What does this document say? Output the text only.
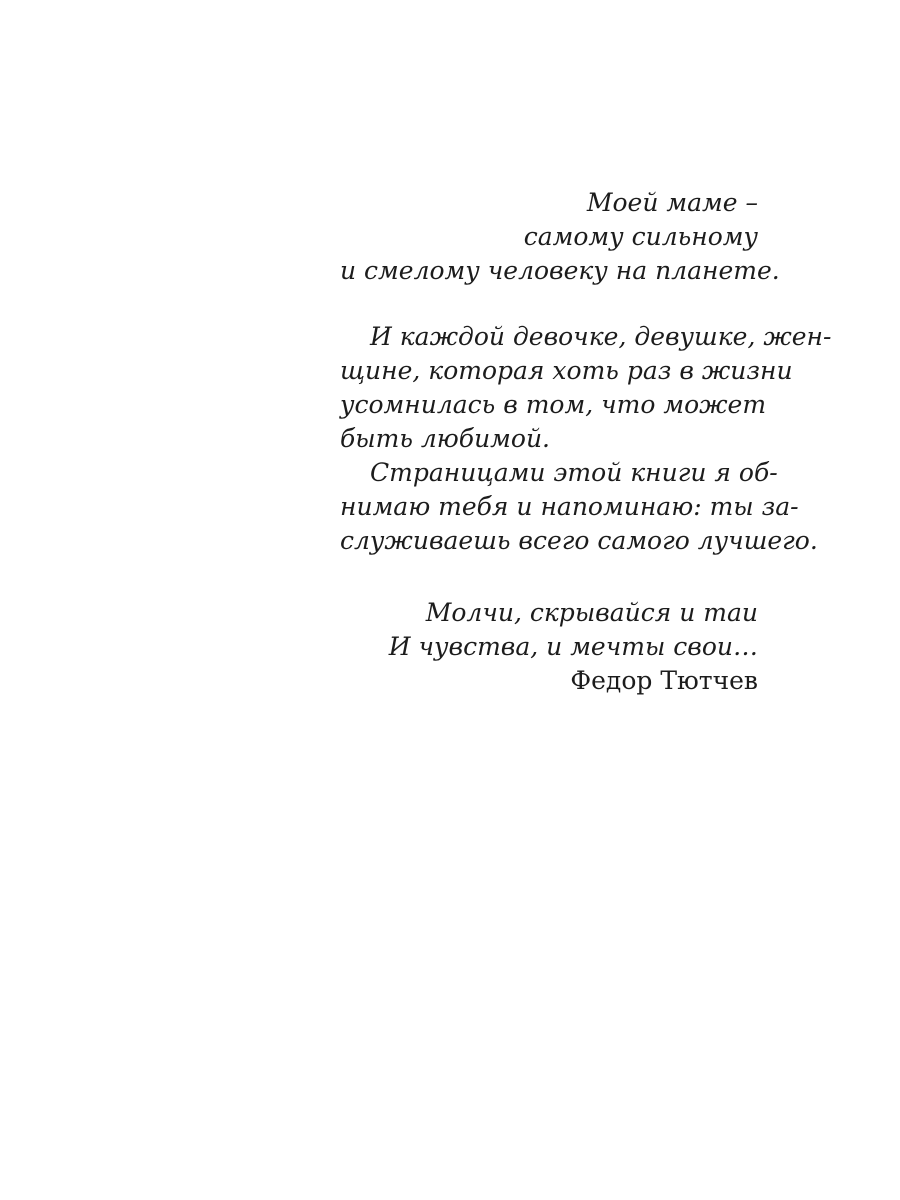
Моей маме –
самому сильному
и смелому человеку на планете.
И каждой девочке, девушке, жен-
щине, которая хоть раз в жизни
усомнилась в том, что может
быть любимой.
Страницами этой книги я об-
нимаю тебя и напоминаю: ты за-
служиваешь всего самого лучшего.
Молчи, скрывайся и таи
И чувства, и мечты свои…
Федор Тютчев
